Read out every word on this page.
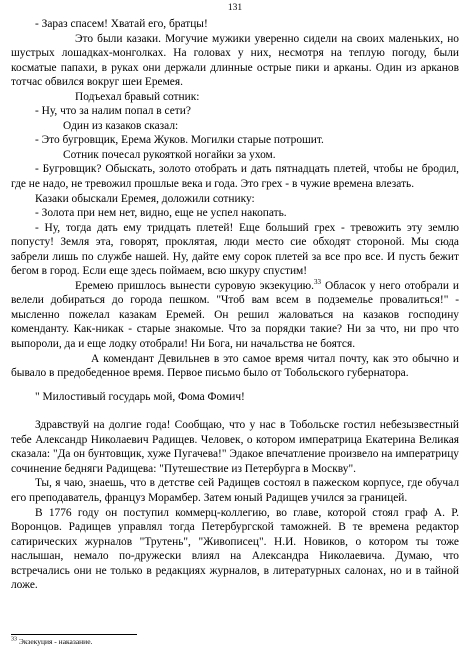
131

- Зараз спасем! Хватай его, братцы!

Это были казаки. Могучие мужики уверенно сидели на своих маленьких, но шустрых лошадках-монголках. На головах у них, несмотря на теплую погоду, были косматые папахи, в руках они держали длинные острые пики и арканы. Один из арканов тотчас обвился вокруг шеи Еремея.

Подъехал бравый сотник:

- Ну, что за налим попал в сети?

Один из казаков сказал:

- Это бугровщик, Ерема Жуков. Могилки старые потрошит.

Сотник почесал рукояткой ногайки за ухом.

- Бугровщик? Обыскать, золото отобрать и дать пятнадцать плетей, чтобы не бродил, где не надо, не тревожил прошлые века и года. Это грех - в чужие времена влезать.

Казаки обыскали Еремея, доложили сотнику:

- Золота при нем нет, видно, еще не успел накопать.

- Ну, тогда дать ему тридцать плетей! Еще больший грех - тревожить эту землю попусту! Земля эта, говорят, проклятая, люди место сие обходят стороной. Мы сюда забрели лишь по службе нашей. Ну, дайте ему сорок плетей за все про все. И пусть бежит бегом в город. Если еще здесь поймаем, всю шкуру спустим!

Еремею пришлось вынести суровую экзекуцию.$^{33}$ Обласок у него отобрали и велели добираться до города пешком. "Чтоб вам всем в подземелье провалиться!" - мысленно пожелал казакам Еремей. Он решил жаловаться на казаков господину коменданту. Как-никак - старые знакомые. Что за порядки такие? Ни за что, ни про что выпороли, да и еще лодку отобрали! Ни Бога, ни начальства не боятся.

А комендант Девильнев в это самое время читал почту, как это обычно и бывало в предобеденное время. Первое письмо было от Тобольского губернатора.

" Милостивый государь мой, Фома Фомич!

Здравствуй на долгие года! Сообщаю, что у нас в Тобольске гостил небезызвестный тебе Александр Николаевич Радищев. Человек, о котором императрица Екатерина Великая сказала: "Да он бунтовщик, хуже Пугачева!" Эдакое впечатление произвело на императрицу сочинение бедняги Радищева: "Путешествие из Петербурга в Москву".

Ты, я чаю, знаешь, что в детстве сей Радищев состоял в пажеском корпусе, где обучал его преподаватель, француз Морамбер. Затем юный Радищев учился за границей.

В 1776 году он поступил коммерц-коллегию, во главе, которой стоял граф А. Р. Воронцов. Радищев управлял тогда Петербургской таможней. В те времена редактор сатирических журналов "Трутень", "Живописец". Н.И. Новиков, о котором ты тоже наслышан, немало по-дружески влиял на Александра Николаевича. Думаю, что встречались они не только в редакциях журналов, в литературных салонах, но и в тайной ложе.

$^{33}$ Экзекуция - наказание.
